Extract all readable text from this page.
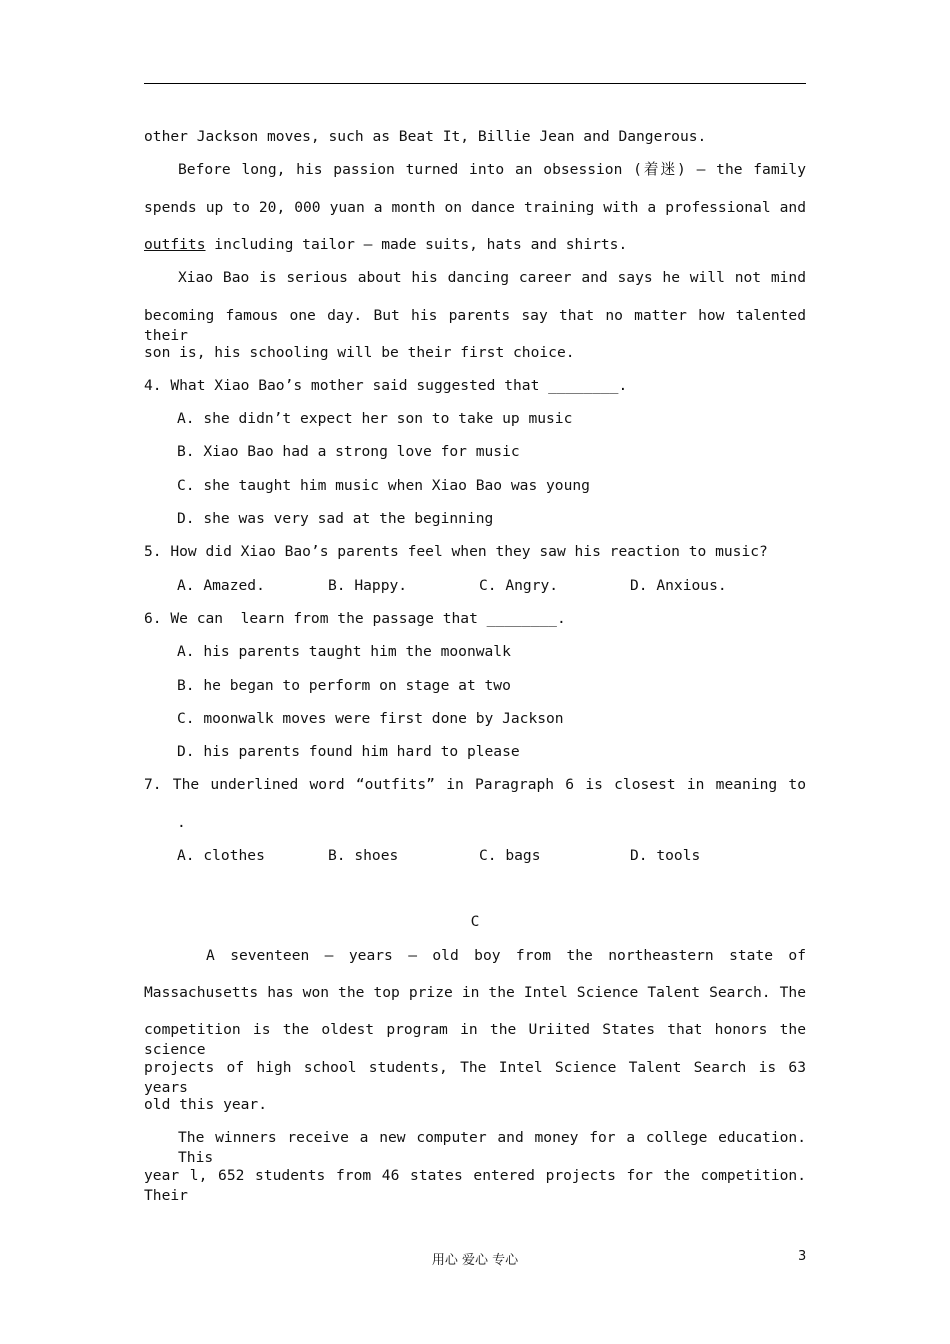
other Jackson moves, such as Beat It, Billie Jean and Dangerous.
Before long, his passion turned into an obsession (着迷) – the family
spends up to 20, 000 yuan a month on dance training with a professional and
outfits including tailor – made suits, hats and shirts.
Xiao Bao is serious about his dancing career and says he will not mind
becoming famous one day. But his parents say that no matter how talented their
son is, his schooling will be their first choice.
4. What Xiao Bao’s mother said suggested that ________.
A. she didn’t expect her son to take up music
B. Xiao Bao had a strong love for music
C. she taught him music when Xiao Bao was young
D. she was very sad at the beginning
5. How did Xiao Bao’s parents feel when they saw his reaction to music?
A. Amazed.	B. Happy.	C. Angry.	D. Anxious.
6. We can  learn from the passage that ________.
A. his parents taught him the moonwalk
B. he began to perform on stage at two
C. moonwalk moves were first done by Jackson
D. his parents found him hard to please
7. The underlined word “outfits” in Paragraph 6 is closest in meaning to
.
A. clothes	B. shoes	C. bags	D. tools
C
A seventeen – years – old boy from the northeastern state of
Massachusetts has won the top prize in the Intel Science Talent Search. The
competition is the oldest program in the Uriited States that honors the science
projects of high school students, The Intel Science Talent Search is 63 years
old this year.
The winners receive a new computer and money for a college education. This
year l, 652 students from 46 states entered projects for the competition. Their
用心 爱心 专心	3
